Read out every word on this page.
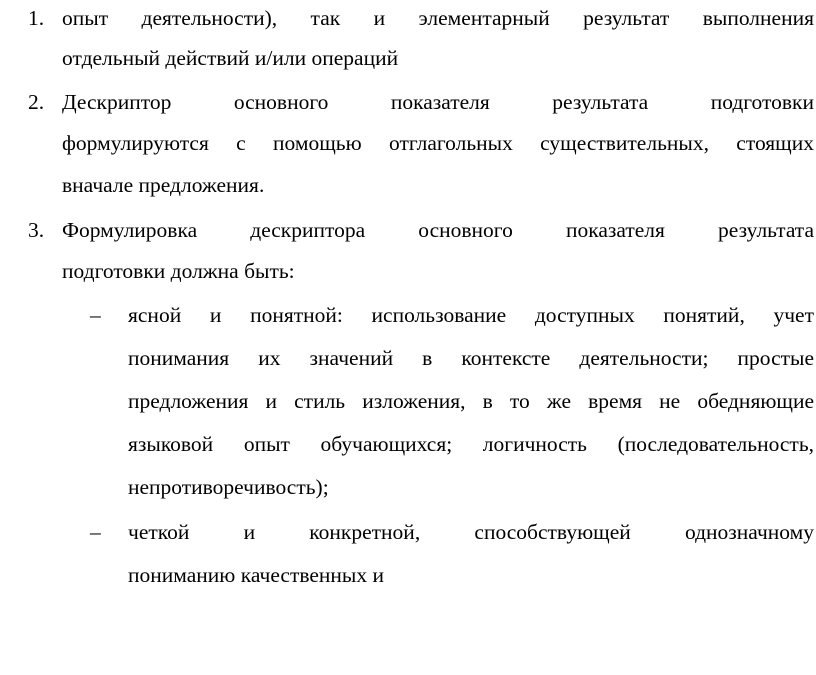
1. опыт деятельности), так и элементарный результат выполнения
отдельный действий и/или операций
2. Дескриптор основного показателя результата подготовки
формулируются с помощью отглагольных существительных, стоящих
вначале предложения.
3. Формулировка дескриптора основного показателя результата
подготовки должна быть:
– ясной и понятной: использование доступных понятий, учет
понимания их значений в контексте деятельности; простые
предложения и стиль изложения, в то же время не обедняющие
языковой опыт обучающихся; логичность (последовательность,
непротиворечивость);
– четкой и конкретной, способствующей однозначному
пониманию качественных и
